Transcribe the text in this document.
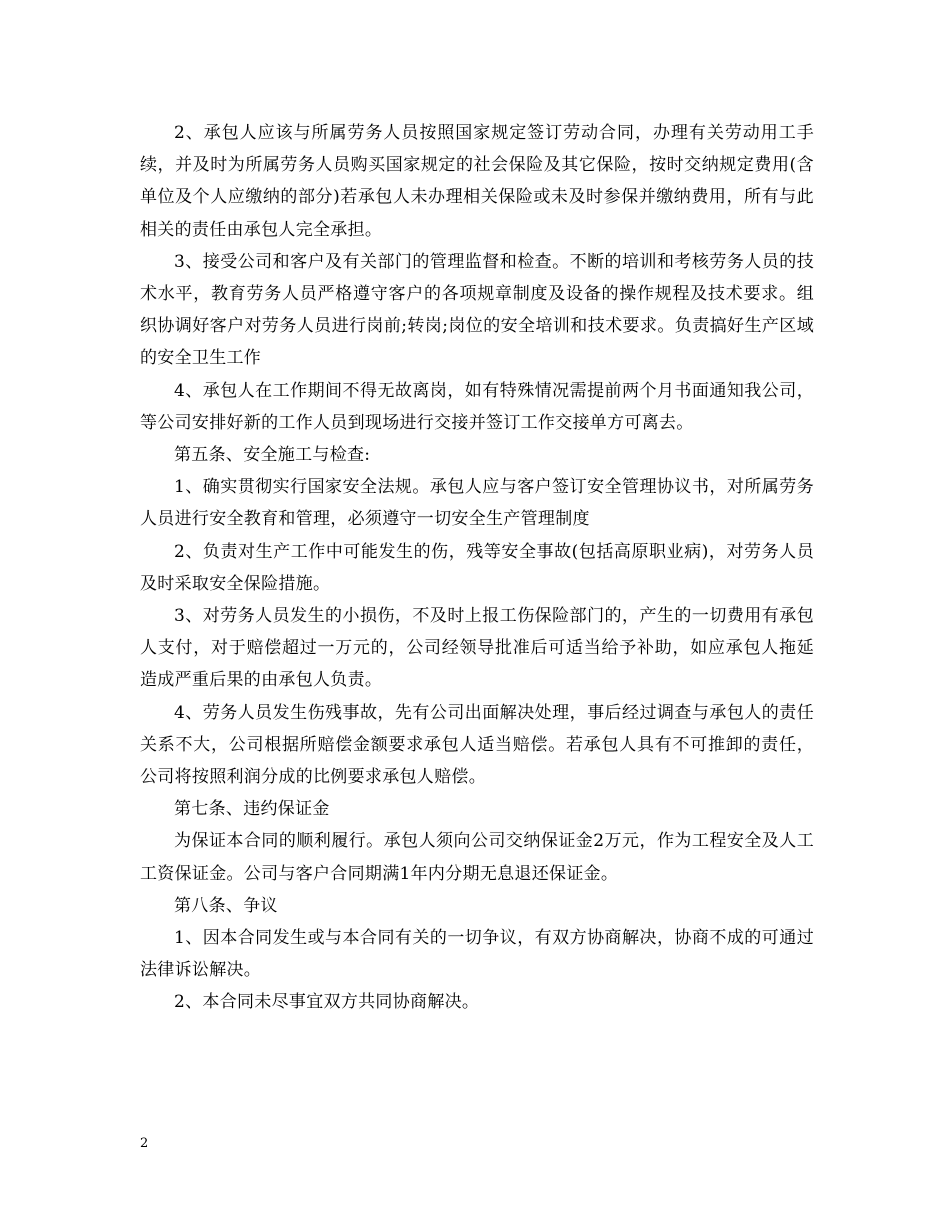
2、承包人应该与所属劳务人员按照国家规定签订劳动合同，办理有关劳动用工手续，并及时为所属劳务人员购买国家规定的社会保险及其它保险，按时交纳规定费用(含单位及个人应缴纳的部分)若承包人未办理相关保险或未及时参保并缴纳费用，所有与此相关的责任由承包人完全承担。

3、接受公司和客户及有关部门的管理监督和检查。不断的培训和考核劳务人员的技术水平，教育劳务人员严格遵守客户的各项规章制度及设备的操作规程及技术要求。组织协调好客户对劳务人员进行岗前;转岗;岗位的安全培训和技术要求。负责搞好生产区域的安全卫生工作

4、承包人在工作期间不得无故离岗，如有特殊情况需提前两个月书面通知我公司，等公司安排好新的工作人员到现场进行交接并签订工作交接单方可离去。

第五条、安全施工与检查:

1、确实贯彻实行国家安全法规。承包人应与客户签订安全管理协议书，对所属劳务人员进行安全教育和管理，必须遵守一切安全生产管理制度

2、负责对生产工作中可能发生的伤，残等安全事故(包括高原职业病)，对劳务人员及时采取安全保险措施。

3、对劳务人员发生的小损伤，不及时上报工伤保险部门的，产生的一切费用有承包人支付，对于赔偿超过一万元的，公司经领导批准后可适当给予补助，如应承包人拖延造成严重后果的由承包人负责。

4、劳务人员发生伤残事故，先有公司出面解决处理，事后经过调查与承包人的责任关系不大，公司根据所赔偿金额要求承包人适当赔偿。若承包人具有不可推卸的责任，公司将按照利润分成的比例要求承包人赔偿。

第七条、违约保证金

为保证本合同的顺利履行。承包人须向公司交纳保证金2万元，作为工程安全及人工工资保证金。公司与客户合同期满1年内分期无息退还保证金。

第八条、争议

1、因本合同发生或与本合同有关的一切争议，有双方协商解决，协商不成的可通过法律诉讼解决。

2、本合同未尽事宜双方共同协商解决。

2
